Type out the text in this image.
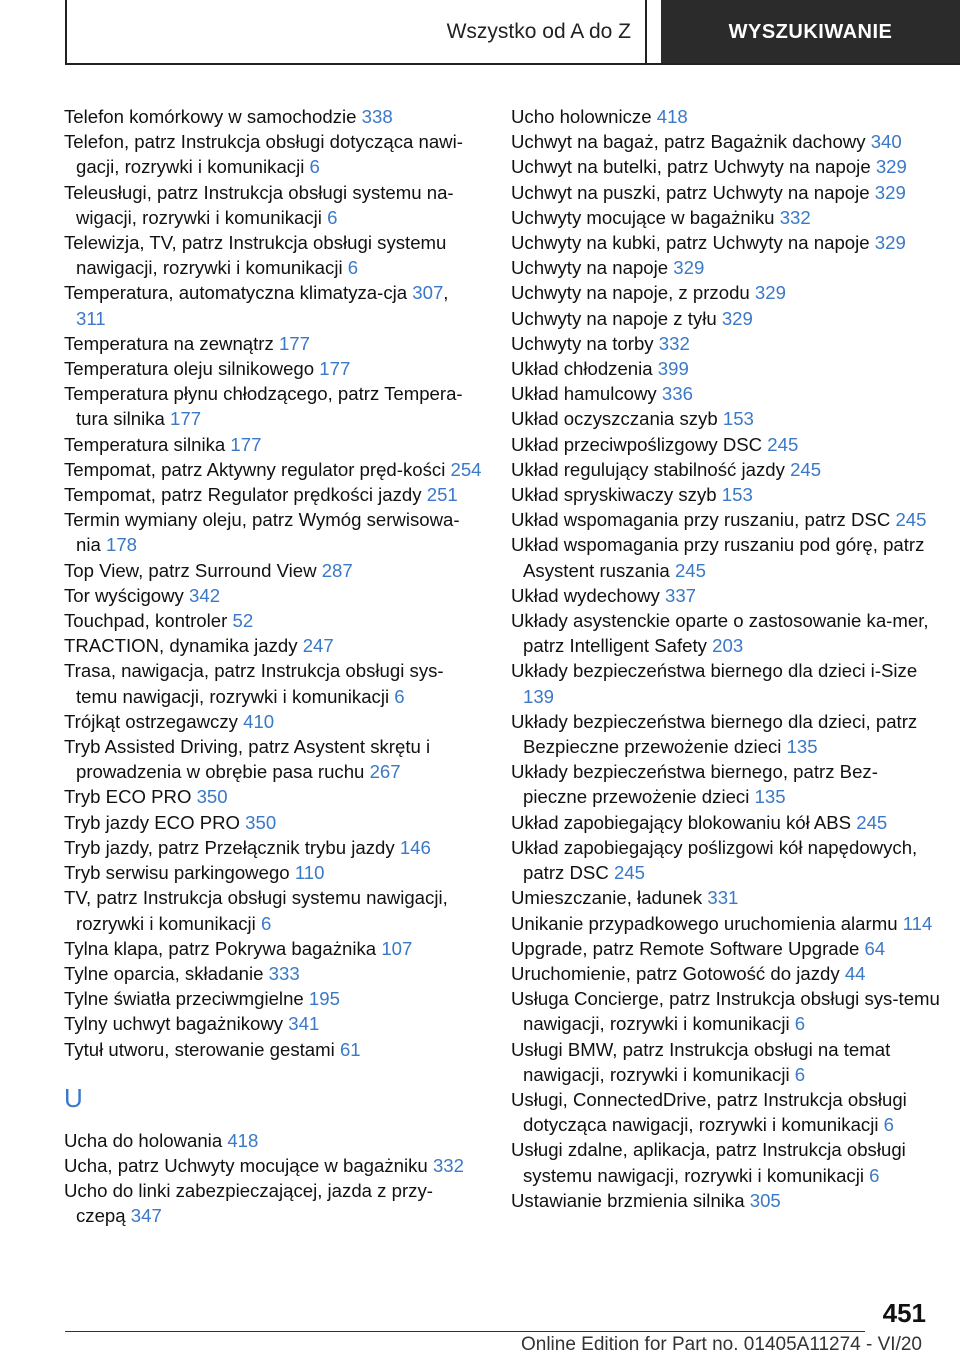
Wszystko od A do Z	WYSZUKIWANIE

Telefon komórkowy w samochodzie 338

Telefon, patrz Instrukcja obsługi dotycząca nawi-gacji, rozrywki i komunikacji 6

Teleusługi, patrz Instrukcja obsługi systemu na-wigacji, rozrywki i komunikacji 6

Telewizja, TV, patrz Instrukcja obsługi systemu nawigacji, rozrywki i komunikacji 6

Temperatura, automatyczna klimatyza-cja 307, 311

Temperatura na zewnątrz 177

Temperatura oleju silnikowego 177

Temperatura płynu chłodzącego, patrz Tempera-tura silnika 177

Temperatura silnika 177

Tempomat, patrz Aktywny regulator pręd-kości 254

Tempomat, patrz Regulator prędkości jazdy 251

Termin wymiany oleju, patrz Wymóg serwisowa-nia 178

Top View, patrz Surround View 287

Tor wyścigowy 342

Touchpad, kontroler 52

TRACTION, dynamika jazdy 247

Trasa, nawigacja, patrz Instrukcja obsługi sys-temu nawigacji, rozrywki i komunikacji 6

Trójkąt ostrzegawczy 410

Tryb Assisted Driving, patrz Asystent skrętu i prowadzenia w obrębie pasa ruchu 267

Tryb ECO PRO 350

Tryb jazdy ECO PRO 350

Tryb jazdy, patrz Przełącznik trybu jazdy 146

Tryb serwisu parkingowego 110

TV, patrz Instrukcja obsługi systemu nawigacji, rozrywki i komunikacji 6

Tylna klapa, patrz Pokrywa bagażnika 107

Tylne oparcia, składanie 333

Tylne światła przeciwmgielne 195

Tylny uchwyt bagażnikowy 341

Tytuł utworu, sterowanie gestami 61

U

Ucha do holowania 418

Ucha, patrz Uchwyty mocujące w bagażniku 332

Ucho do linki zabezpieczającej, jazda z przy-czepą 347

Ucho holownicze 418

Uchwyt na bagaż, patrz Bagażnik dachowy 340

Uchwyt na butelki, patrz Uchwyty na napoje 329

Uchwyt na puszki, patrz Uchwyty na napoje 329

Uchwyty mocujące w bagażniku 332

Uchwyty na kubki, patrz Uchwyty na napoje 329

Uchwyty na napoje 329

Uchwyty na napoje, z przodu 329

Uchwyty na napoje z tyłu 329

Uchwyty na torby 332

Układ chłodzenia 399

Układ hamulcowy 336

Układ oczyszczania szyb 153

Układ przeciwpoślizgowy DSC 245

Układ regulujący stabilność jazdy 245

Układ spryskiwaczy szyb 153

Układ wspomagania przy ruszaniu, patrz DSC 245

Układ wspomagania przy ruszaniu pod górę, patrz Asystent ruszania 245

Układ wydechowy 337

Układy asystenckie oparte o zastosowanie ka-mer, patrz Intelligent Safety 203

Układy bezpieczeństwa biernego dla dzieci i-Size 139

Układy bezpieczeństwa biernego dla dzieci, patrz Bezpieczne przewożenie dzieci 135

Układy bezpieczeństwa biernego, patrz Bez-pieczne przewożenie dzieci 135

Układ zapobiegający blokowaniu kół ABS 245

Układ zapobiegający poślizgowi kół napędowych, patrz DSC 245

Umieszczanie, ładunek 331

Unikanie przypadkowego uruchomienia alarmu 114

Upgrade, patrz Remote Software Upgrade 64

Uruchomienie, patrz Gotowość do jazdy 44

Usługa Concierge, patrz Instrukcja obsługi sys-temu nawigacji, rozrywki i komunikacji 6

Usługi BMW, patrz Instrukcja obsługi na temat nawigacji, rozrywki i komunikacji 6

Usługi, ConnectedDrive, patrz Instrukcja obsługi dotycząca nawigacji, rozrywki i komunikacji 6

Usługi zdalne, aplikacja, patrz Instrukcja obsługi systemu nawigacji, rozrywki i komunikacji 6

Ustawianie brzmienia silnika 305

451
Online Edition for Part no. 01405A11274 - VI/20
